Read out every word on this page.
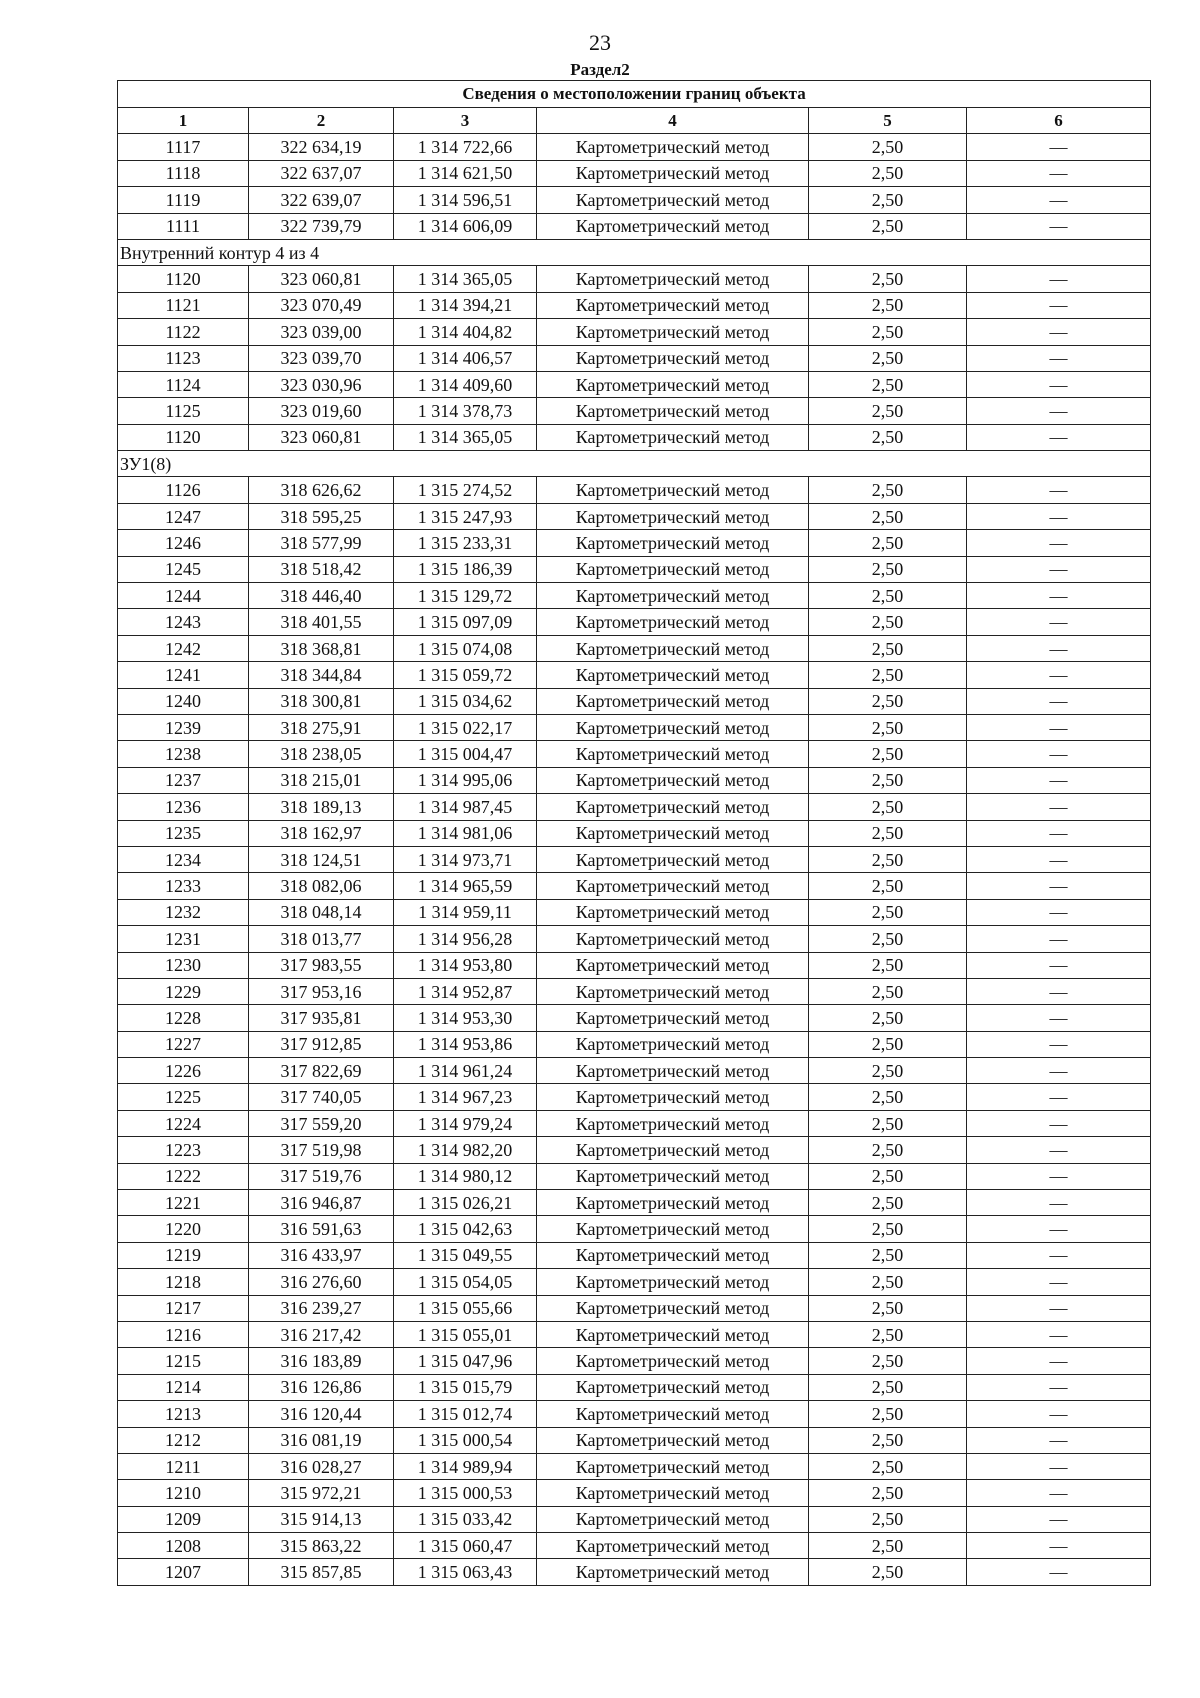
23
Раздел2
Сведения о местоположении границ объекта					
1	2	3	4	5	6
1117	322 634,19	1 314 722,66	Картометрический метод	2,50	—
1118	322 637,07	1 314 621,50	Картометрический метод	2,50	—
1119	322 639,07	1 314 596,51	Картометрический метод	2,50	—
1111	322 739,79	1 314 606,09	Картометрический метод	2,50	—
Внутренний контур 4 из 4					
1120	323 060,81	1 314 365,05	Картометрический метод	2,50	—
1121	323 070,49	1 314 394,21	Картометрический метод	2,50	—
1122	323 039,00	1 314 404,82	Картометрический метод	2,50	—
1123	323 039,70	1 314 406,57	Картометрический метод	2,50	—
1124	323 030,96	1 314 409,60	Картометрический метод	2,50	—
1125	323 019,60	1 314 378,73	Картометрический метод	2,50	—
1120	323 060,81	1 314 365,05	Картометрический метод	2,50	—
ЗУ1(8)					
1126	318 626,62	1 315 274,52	Картометрический метод	2,50	—
1247	318 595,25	1 315 247,93	Картометрический метод	2,50	—
1246	318 577,99	1 315 233,31	Картометрический метод	2,50	—
1245	318 518,42	1 315 186,39	Картометрический метод	2,50	—
1244	318 446,40	1 315 129,72	Картометрический метод	2,50	—
1243	318 401,55	1 315 097,09	Картометрический метод	2,50	—
1242	318 368,81	1 315 074,08	Картометрический метод	2,50	—
1241	318 344,84	1 315 059,72	Картометрический метод	2,50	—
1240	318 300,81	1 315 034,62	Картометрический метод	2,50	—
1239	318 275,91	1 315 022,17	Картометрический метод	2,50	—
1238	318 238,05	1 315 004,47	Картометрический метод	2,50	—
1237	318 215,01	1 314 995,06	Картометрический метод	2,50	—
1236	318 189,13	1 314 987,45	Картометрический метод	2,50	—
1235	318 162,97	1 314 981,06	Картометрический метод	2,50	—
1234	318 124,51	1 314 973,71	Картометрический метод	2,50	—
1233	318 082,06	1 314 965,59	Картометрический метод	2,50	—
1232	318 048,14	1 314 959,11	Картометрический метод	2,50	—
1231	318 013,77	1 314 956,28	Картометрический метод	2,50	—
1230	317 983,55	1 314 953,80	Картометрический метод	2,50	—
1229	317 953,16	1 314 952,87	Картометрический метод	2,50	—
1228	317 935,81	1 314 953,30	Картометрический метод	2,50	—
1227	317 912,85	1 314 953,86	Картометрический метод	2,50	—
1226	317 822,69	1 314 961,24	Картометрический метод	2,50	—
1225	317 740,05	1 314 967,23	Картометрический метод	2,50	—
1224	317 559,20	1 314 979,24	Картометрический метод	2,50	—
1223	317 519,98	1 314 982,20	Картометрический метод	2,50	—
1222	317 519,76	1 314 980,12	Картометрический метод	2,50	—
1221	316 946,87	1 315 026,21	Картометрический метод	2,50	—
1220	316 591,63	1 315 042,63	Картометрический метод	2,50	—
1219	316 433,97	1 315 049,55	Картометрический метод	2,50	—
1218	316 276,60	1 315 054,05	Картометрический метод	2,50	—
1217	316 239,27	1 315 055,66	Картометрический метод	2,50	—
1216	316 217,42	1 315 055,01	Картометрический метод	2,50	—
1215	316 183,89	1 315 047,96	Картометрический метод	2,50	—
1214	316 126,86	1 315 015,79	Картометрический метод	2,50	—
1213	316 120,44	1 315 012,74	Картометрический метод	2,50	—
1212	316 081,19	1 315 000,54	Картометрический метод	2,50	—
1211	316 028,27	1 314 989,94	Картометрический метод	2,50	—
1210	315 972,21	1 315 000,53	Картометрический метод	2,50	—
1209	315 914,13	1 315 033,42	Картометрический метод	2,50	—
1208	315 863,22	1 315 060,47	Картометрический метод	2,50	—
1207	315 857,85	1 315 063,43	Картометрический метод	2,50	—
